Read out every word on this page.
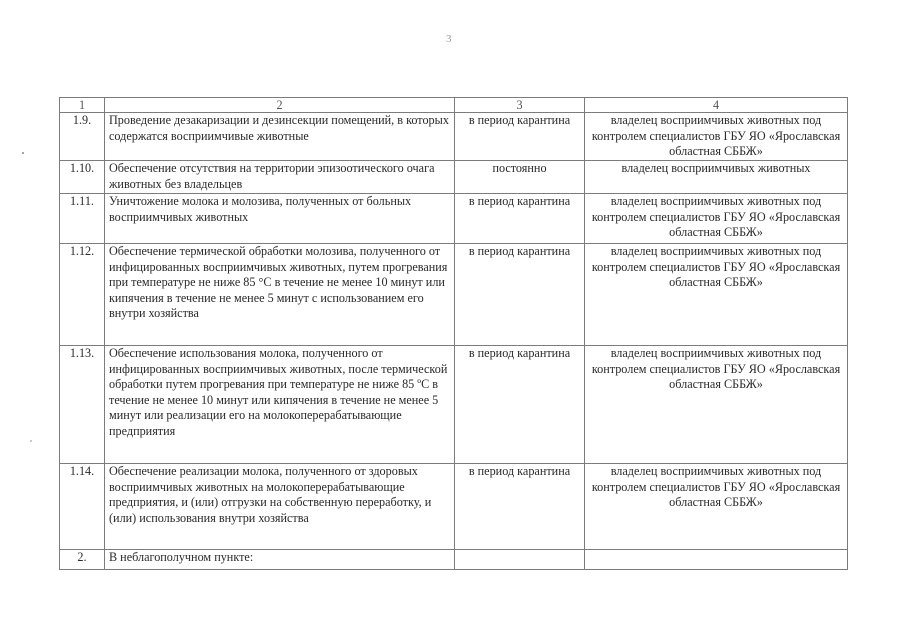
3
1	2	3	4
1.9.	Проведение дезакаризации и дезинсекции помещений, в которых содержатся восприимчивые животные	в период карантина	владелец восприимчивых животных под контролем специалистов ГБУ ЯО «Ярославская областная СББЖ»
1.10.	Обеспечение отсутствия на территории эпизоотического очага животных без владельцев	постоянно	владелец восприимчивых животных
1.11.	Уничтожение молока и молозива, полученных от больных восприимчивых животных	в период карантина	владелец восприимчивых животных под контролем специалистов ГБУ ЯО «Ярославская областная СББЖ»
1.12.	Обеспечение термической обработки молозива, полученного от инфицированных восприимчивых животных, путем прогревания при температуре не ниже 85 °С в течение не менее 10 минут или кипячения в течение не менее 5 минут с использованием его внутри хозяйства	в период карантина	владелец восприимчивых животных под контролем специалистов ГБУ ЯО «Ярославская областная СББЖ»
1.13.	Обеспечение использования молока, полученного от инфицированных восприимчивых животных, после термической обработки путем прогревания при температуре не ниже 85 ºС в течение не менее 10 минут или кипячения в течение не менее 5 минут или реализации его на молокоперерабатывающие предприятия	в период карантина	владелец восприимчивых животных под контролем специалистов ГБУ ЯО «Ярославская областная СББЖ»
1.14.	Обеспечение реализации молока, полученного от здоровых восприимчивых животных на молокоперерабатывающие предприятия, и (или) отгрузки на собственную переработку, и (или) использования внутри хозяйства	в период карантина	владелец восприимчивых животных под контролем специалистов ГБУ ЯО «Ярославская областная СББЖ»
2.	В неблагополучном пункте:		
